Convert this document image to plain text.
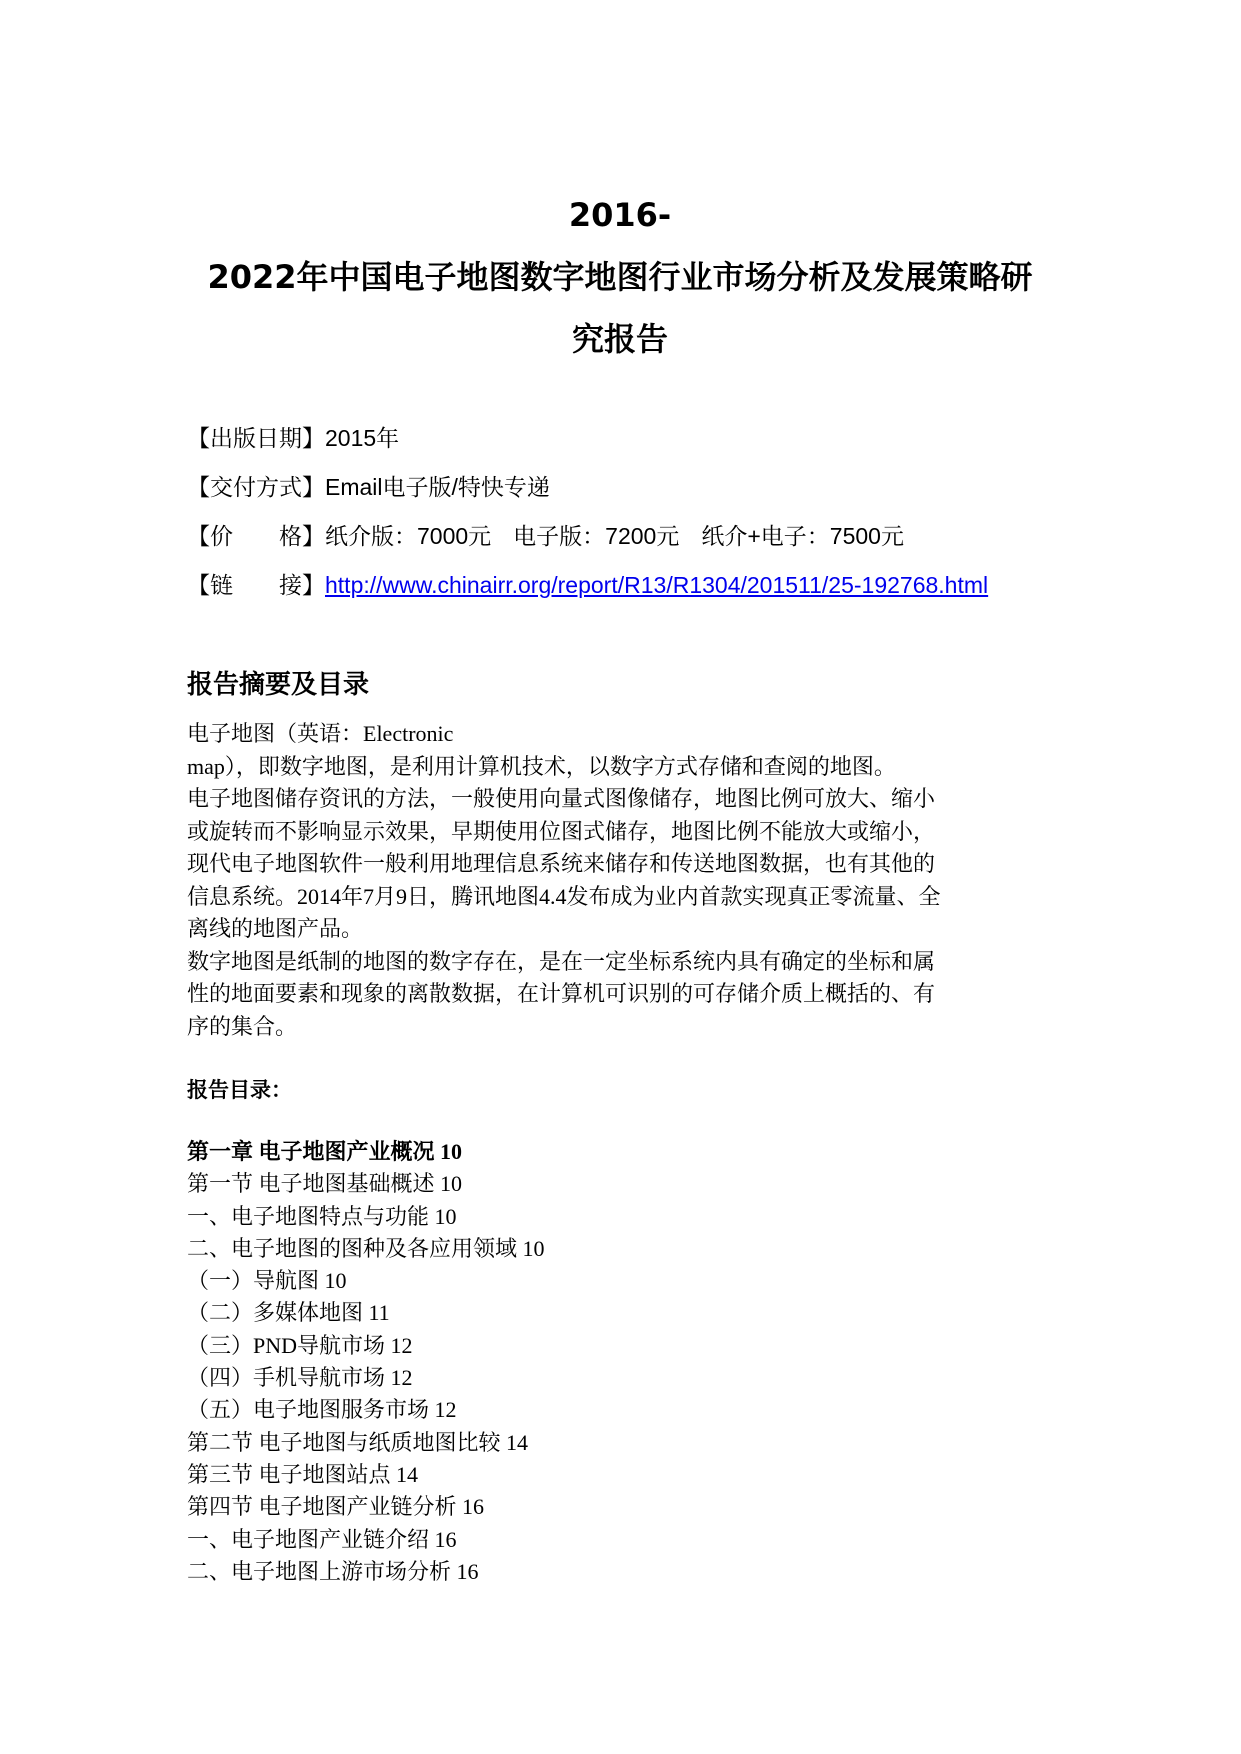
2016-
2022年中国电子地图数字地图行业市场分析及发展策略研
究报告
【出版日期】2015年
【交付方式】Email电子版/特快专递
【价　　格】纸介版：7000元 电子版：7200元 纸介+电子：7500元
【链　　接】http://www.chinairr.org/report/R13/R1304/201511/25-192768.html
报告摘要及目录

电子地图（英语：Electronic

map），即数字地图，是利用计算机技术，以数字方式存储和查阅的地图。

电子地图储存资讯的方法，一般使用向量式图像储存，地图比例可放大、缩小

或旋转而不影响显示效果，早期使用位图式储存，地图比例不能放大或缩小，

现代电子地图软件一般利用地理信息系统来储存和传送地图数据，也有其他的

信息系统。2014年7月9日，腾讯地图4.4发布成为业内首款实现真正零流量、全

离线的地图产品。

数字地图是纸制的地图的数字存在，是在一定坐标系统内具有确定的坐标和属

性的地面要素和现象的离散数据，在计算机可识别的可存储介质上概括的、有

序的集合。

报告目录：
第一章 电子地图产业概况 10
第一节 电子地图基础概述 10
一、电子地图特点与功能 10
二、电子地图的图种及各应用领域 10
（一）导航图 10
（二）多媒体地图 11
（三）PND导航市场 12
（四）手机导航市场 12
（五）电子地图服务市场 12
第二节 电子地图与纸质地图比较 14
第三节 电子地图站点 14
第四节 电子地图产业链分析 16
一、电子地图产业链介绍 16
二、电子地图上游市场分析 16
